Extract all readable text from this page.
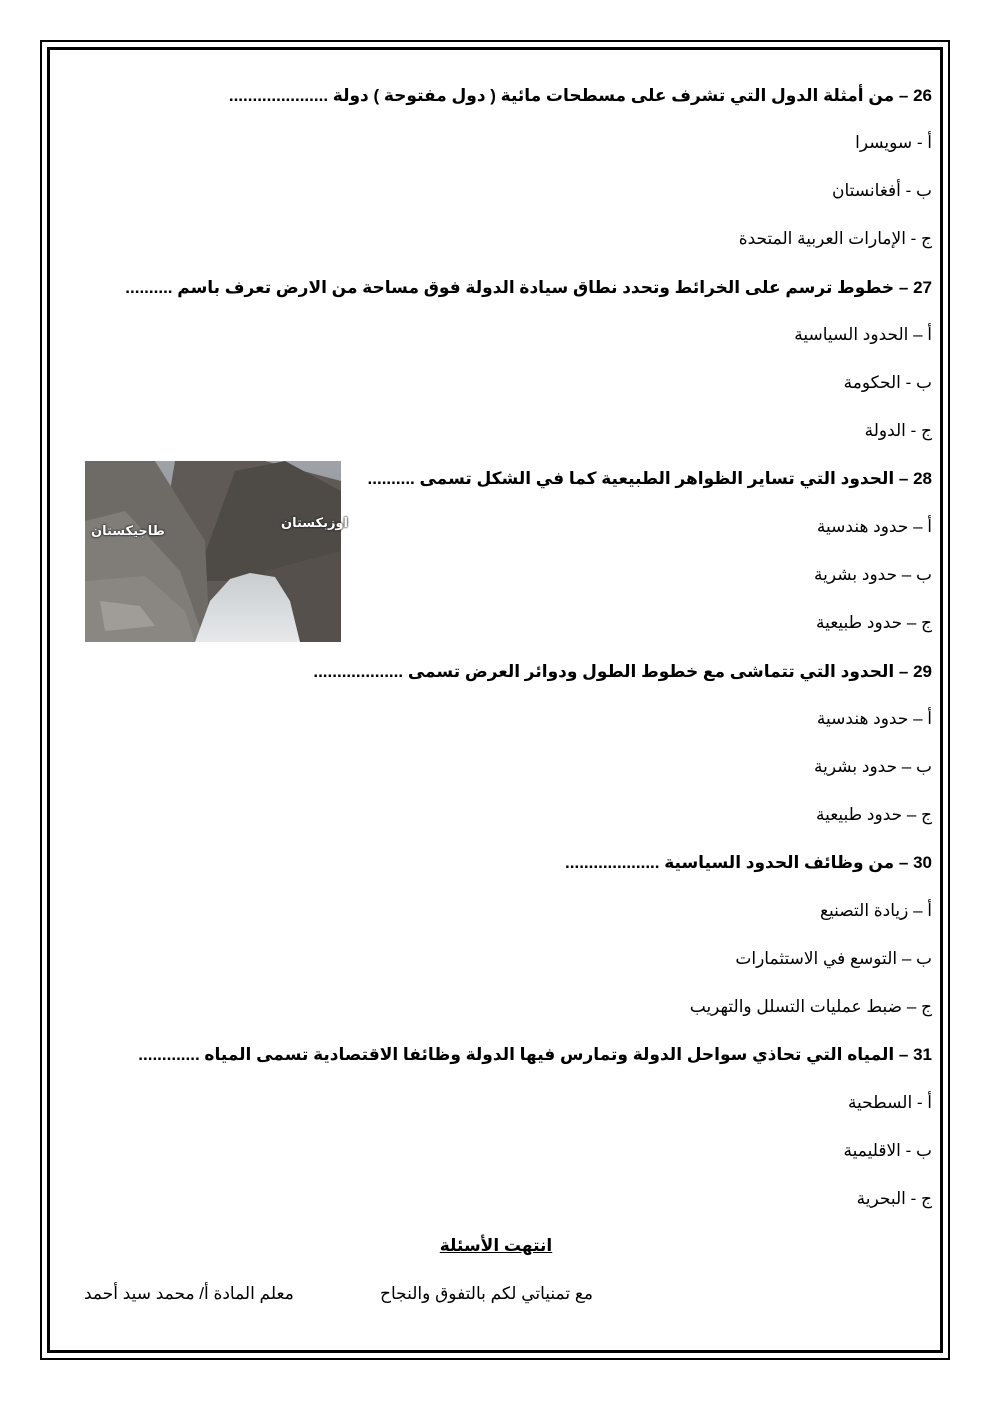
26 – من أمثلة الدول التي تشرف على مسطحات مائية ( دول مفتوحة ) دولة .....................
أ - سويسرا
ب - أفغانستان
ج - الإمارات العربية المتحدة
27 – خطوط ترسم على الخرائط وتحدد نطاق سيادة الدولة فوق مساحة من الارض تعرف باسم ..........
أ – الحدود السياسية
ب - الحكومة
ج - الدولة
28 – الحدود التي تساير الظواهر الطبيعية كما في الشكل تسمى ..........
أ – حدود هندسية
ب – حدود بشرية
ج – حدود طبيعية
طاجيكستان
اوزبكستان
29 – الحدود التي تتماشى مع خطوط الطول ودوائر العرض تسمى ...................
أ – حدود هندسية
ب – حدود بشرية
ج – حدود طبيعية
30 – من وظائف الحدود السياسية ....................
أ – زيادة التصنيع
ب – التوسع في الاستثمارات
ج – ضبط عمليات التسلل والتهريب
31 – المياه التي تحاذي سواحل الدولة وتمارس فيها الدولة وظائفا الاقتصادية تسمى المياه .............
أ - السطحية
ب - الاقليمية
ج - البحرية
انتهت الأسئلة
مع تمنياتي لكم بالتفوق والنجاح
معلم المادة أ/ محمد سيد أحمد
